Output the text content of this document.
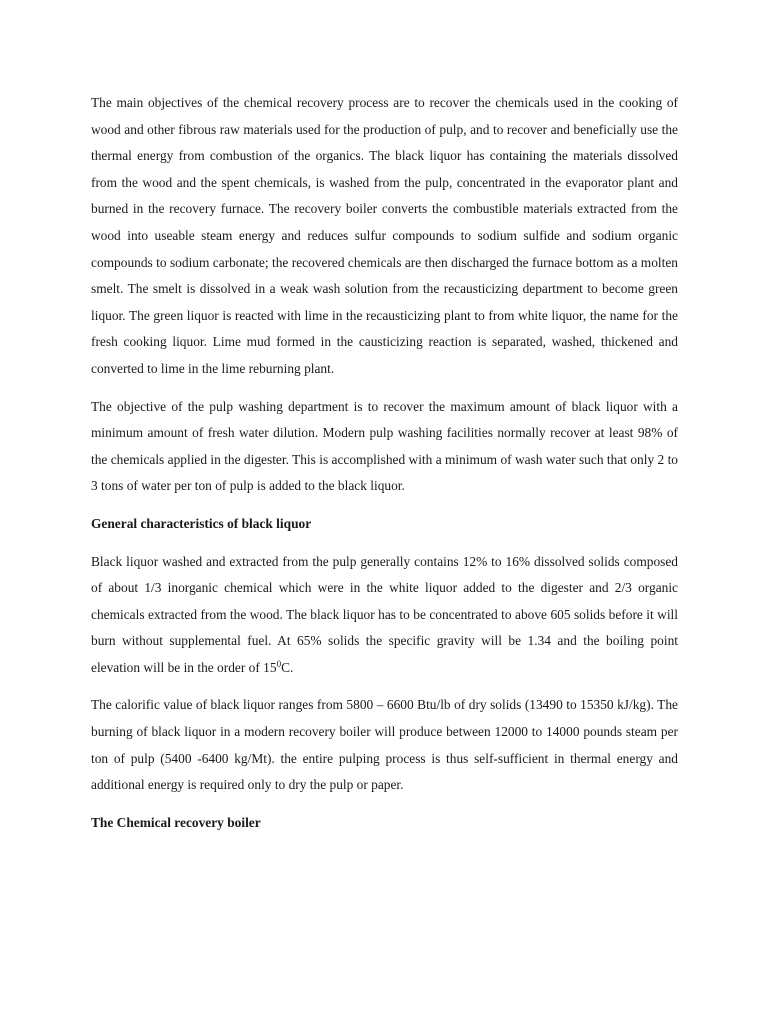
The main objectives of the chemical recovery process are to recover the chemicals used in the cooking of wood and other fibrous raw materials used for the production of pulp, and to recover and beneficially use the thermal energy from combustion of the organics. The black liquor has containing the materials dissolved from the wood and the spent chemicals, is washed from the pulp, concentrated in the evaporator plant and burned in the recovery furnace. The recovery boiler converts the combustible materials extracted from the wood into useable steam energy and reduces sulfur compounds to sodium sulfide and sodium organic compounds to sodium carbonate; the recovered chemicals are then discharged the furnace bottom as a molten smelt. The smelt is dissolved in a weak wash solution from the recausticizing department to become green liquor. The green liquor is reacted with lime in the recausticizing plant to from white liquor, the name for the fresh cooking liquor. Lime mud formed in the causticizing reaction is separated, washed, thickened and converted to lime in the lime reburning plant.

The objective of the pulp washing department is to recover the maximum amount of black liquor with a minimum amount of fresh water dilution. Modern pulp washing facilities normally recover at least 98% of the chemicals applied in the digester. This is accomplished with a minimum of wash water such that only 2 to 3 tons of water per ton of pulp is added to the black liquor.

General characteristics of black liquor

Black liquor washed and extracted from the pulp generally contains 12% to 16% dissolved solids composed of about 1/3 inorganic chemical which were in the white liquor added to the digester and 2/3 organic chemicals extracted from the wood. The black liquor has to be concentrated to above 605 solids before it will burn without supplemental fuel. At 65% solids the specific gravity will be 1.34 and the boiling point elevation will be in the order of $15^0C$.

The calorific value of black liquor ranges from 5800 – 6600 Btu/lb of dry solids (13490 to 15350 kJ/kg). The burning of black liquor in a modern recovery boiler will produce between 12000 to 14000 pounds steam per ton of pulp (5400 -6400 kg/Mt). the entire pulping process is thus self-sufficient in thermal energy and additional energy is required only to dry the pulp or paper.

The Chemical recovery boiler
